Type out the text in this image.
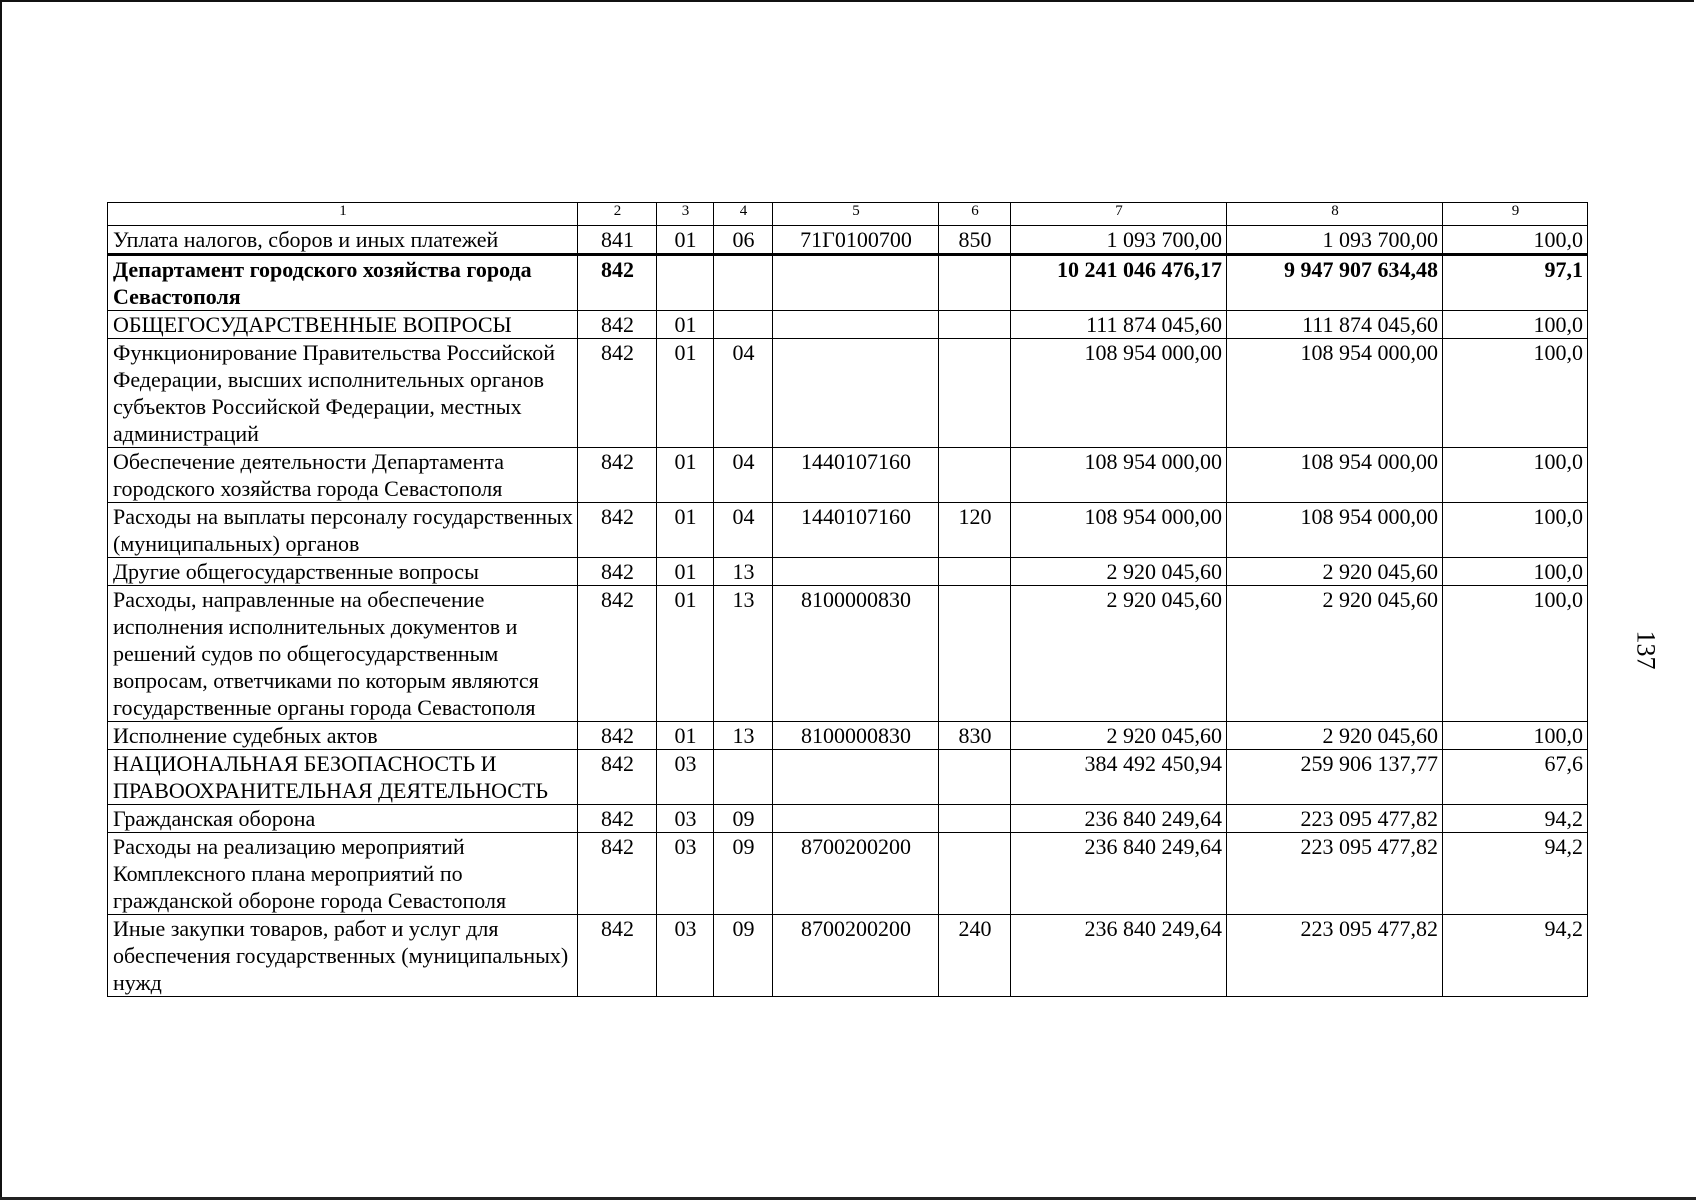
1	2	3	4	5	6	7	8	9
Уплата налогов, сборов и иных платежей	841	01	06	71Г0100700	850	1 093 700,00	1 093 700,00	100,0
Департамент городского хозяйства города Севастополя	842					10 241 046 476,17	9 947 907 634,48	97,1
ОБЩЕГОСУДАРСТВЕННЫЕ ВОПРОСЫ	842	01				111 874 045,60	111 874 045,60	100,0
Функционирование Правительства Российской Федерации, высших исполнительных органов субъектов Российской Федерации, местных администраций	842	01	04			108 954 000,00	108 954 000,00	100,0
Обеспечение деятельности Департамента городского хозяйства города Севастополя	842	01	04	1440107160		108 954 000,00	108 954 000,00	100,0
Расходы на выплаты персоналу государственных (муниципальных) органов	842	01	04	1440107160	120	108 954 000,00	108 954 000,00	100,0
Другие общегосударственные вопросы	842	01	13			2 920 045,60	2 920 045,60	100,0
Расходы, направленные на обеспечение исполнения исполнительных документов и решений судов по общегосударственным вопросам, ответчиками по которым являются государственные органы города Севастополя	842	01	13	8100000830		2 920 045,60	2 920 045,60	100,0
Исполнение судебных актов	842	01	13	8100000830	830	2 920 045,60	2 920 045,60	100,0
НАЦИОНАЛЬНАЯ БЕЗОПАСНОСТЬ И ПРАВООХРАНИТЕЛЬНАЯ ДЕЯТЕЛЬНОСТЬ	842	03				384 492 450,94	259 906 137,77	67,6
Гражданская оборона	842	03	09			236 840 249,64	223 095 477,82	94,2
Расходы на реализацию мероприятий Комплексного плана мероприятий по гражданской обороне города Севастополя	842	03	09	8700200200		236 840 249,64	223 095 477,82	94,2
Иные закупки товаров, работ и услуг для обеспечения государственных (муниципальных) нужд	842	03	09	8700200200	240	236 840 249,64	223 095 477,82	94,2
137
